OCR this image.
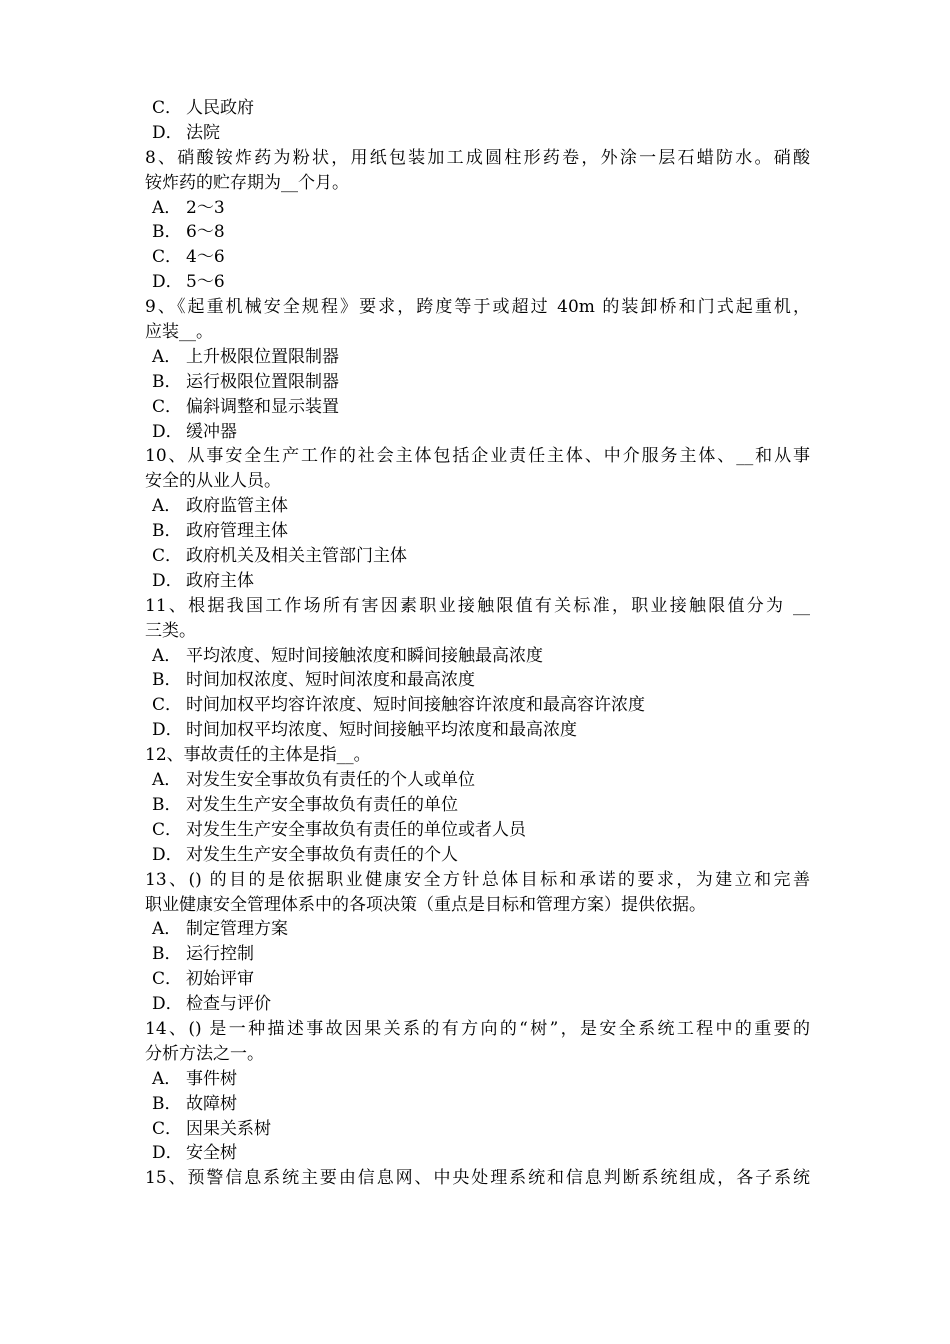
C． 人民政府
D． 法院
8、硝酸铵炸药为粉状，用纸包装加工成圆柱形药卷，外涂一层石蜡防水。硝酸
铵炸药的贮存期为__个月。
A． 2～3
B． 6～8
C． 4～6
D． 5～6
9、《起重机械安全规程》要求，跨度等于或超过 40m 的装卸桥和门式起重机，
应装__。
A． 上升极限位置限制器
B． 运行极限位置限制器
C． 偏斜调整和显示装置
D． 缓冲器
10、从事安全生产工作的社会主体包括企业责任主体、中介服务主体、__和从事
安全的从业人员。
A． 政府监管主体
B． 政府管理主体
C． 政府机关及相关主管部门主体
D． 政府主体
11、根据我国工作场所有害因素职业接触限值有关标准，职业接触限值分为 __
三类。
A． 平均浓度、短时间接触浓度和瞬间接触最高浓度
B． 时间加权浓度、短时间浓度和最高浓度
C． 时间加权平均容许浓度、短时间接触容许浓度和最高容许浓度
D． 时间加权平均浓度、短时间接触平均浓度和最高浓度
12、事故责任的主体是指__。
A． 对发生安全事故负有责任的个人或单位
B． 对发生生产安全事故负有责任的单位
C． 对发生生产安全事故负有责任的单位或者人员
D． 对发生生产安全事故负有责任的个人
13、() 的目的是依据职业健康安全方针总体目标和承诺的要求，为建立和完善
职业健康安全管理体系中的各项决策（重点是目标和管理方案）提供依据。
A． 制定管理方案
B． 运行控制
C． 初始评审
D． 检查与评价
14、() 是一种描述事故因果关系的有方向的“树”，是安全系统工程中的重要的
分析方法之一。
A． 事件树
B． 故障树
C． 因果关系树
D． 安全树
15、预警信息系统主要由信息网、中央处理系统和信息判断系统组成，各子系统
